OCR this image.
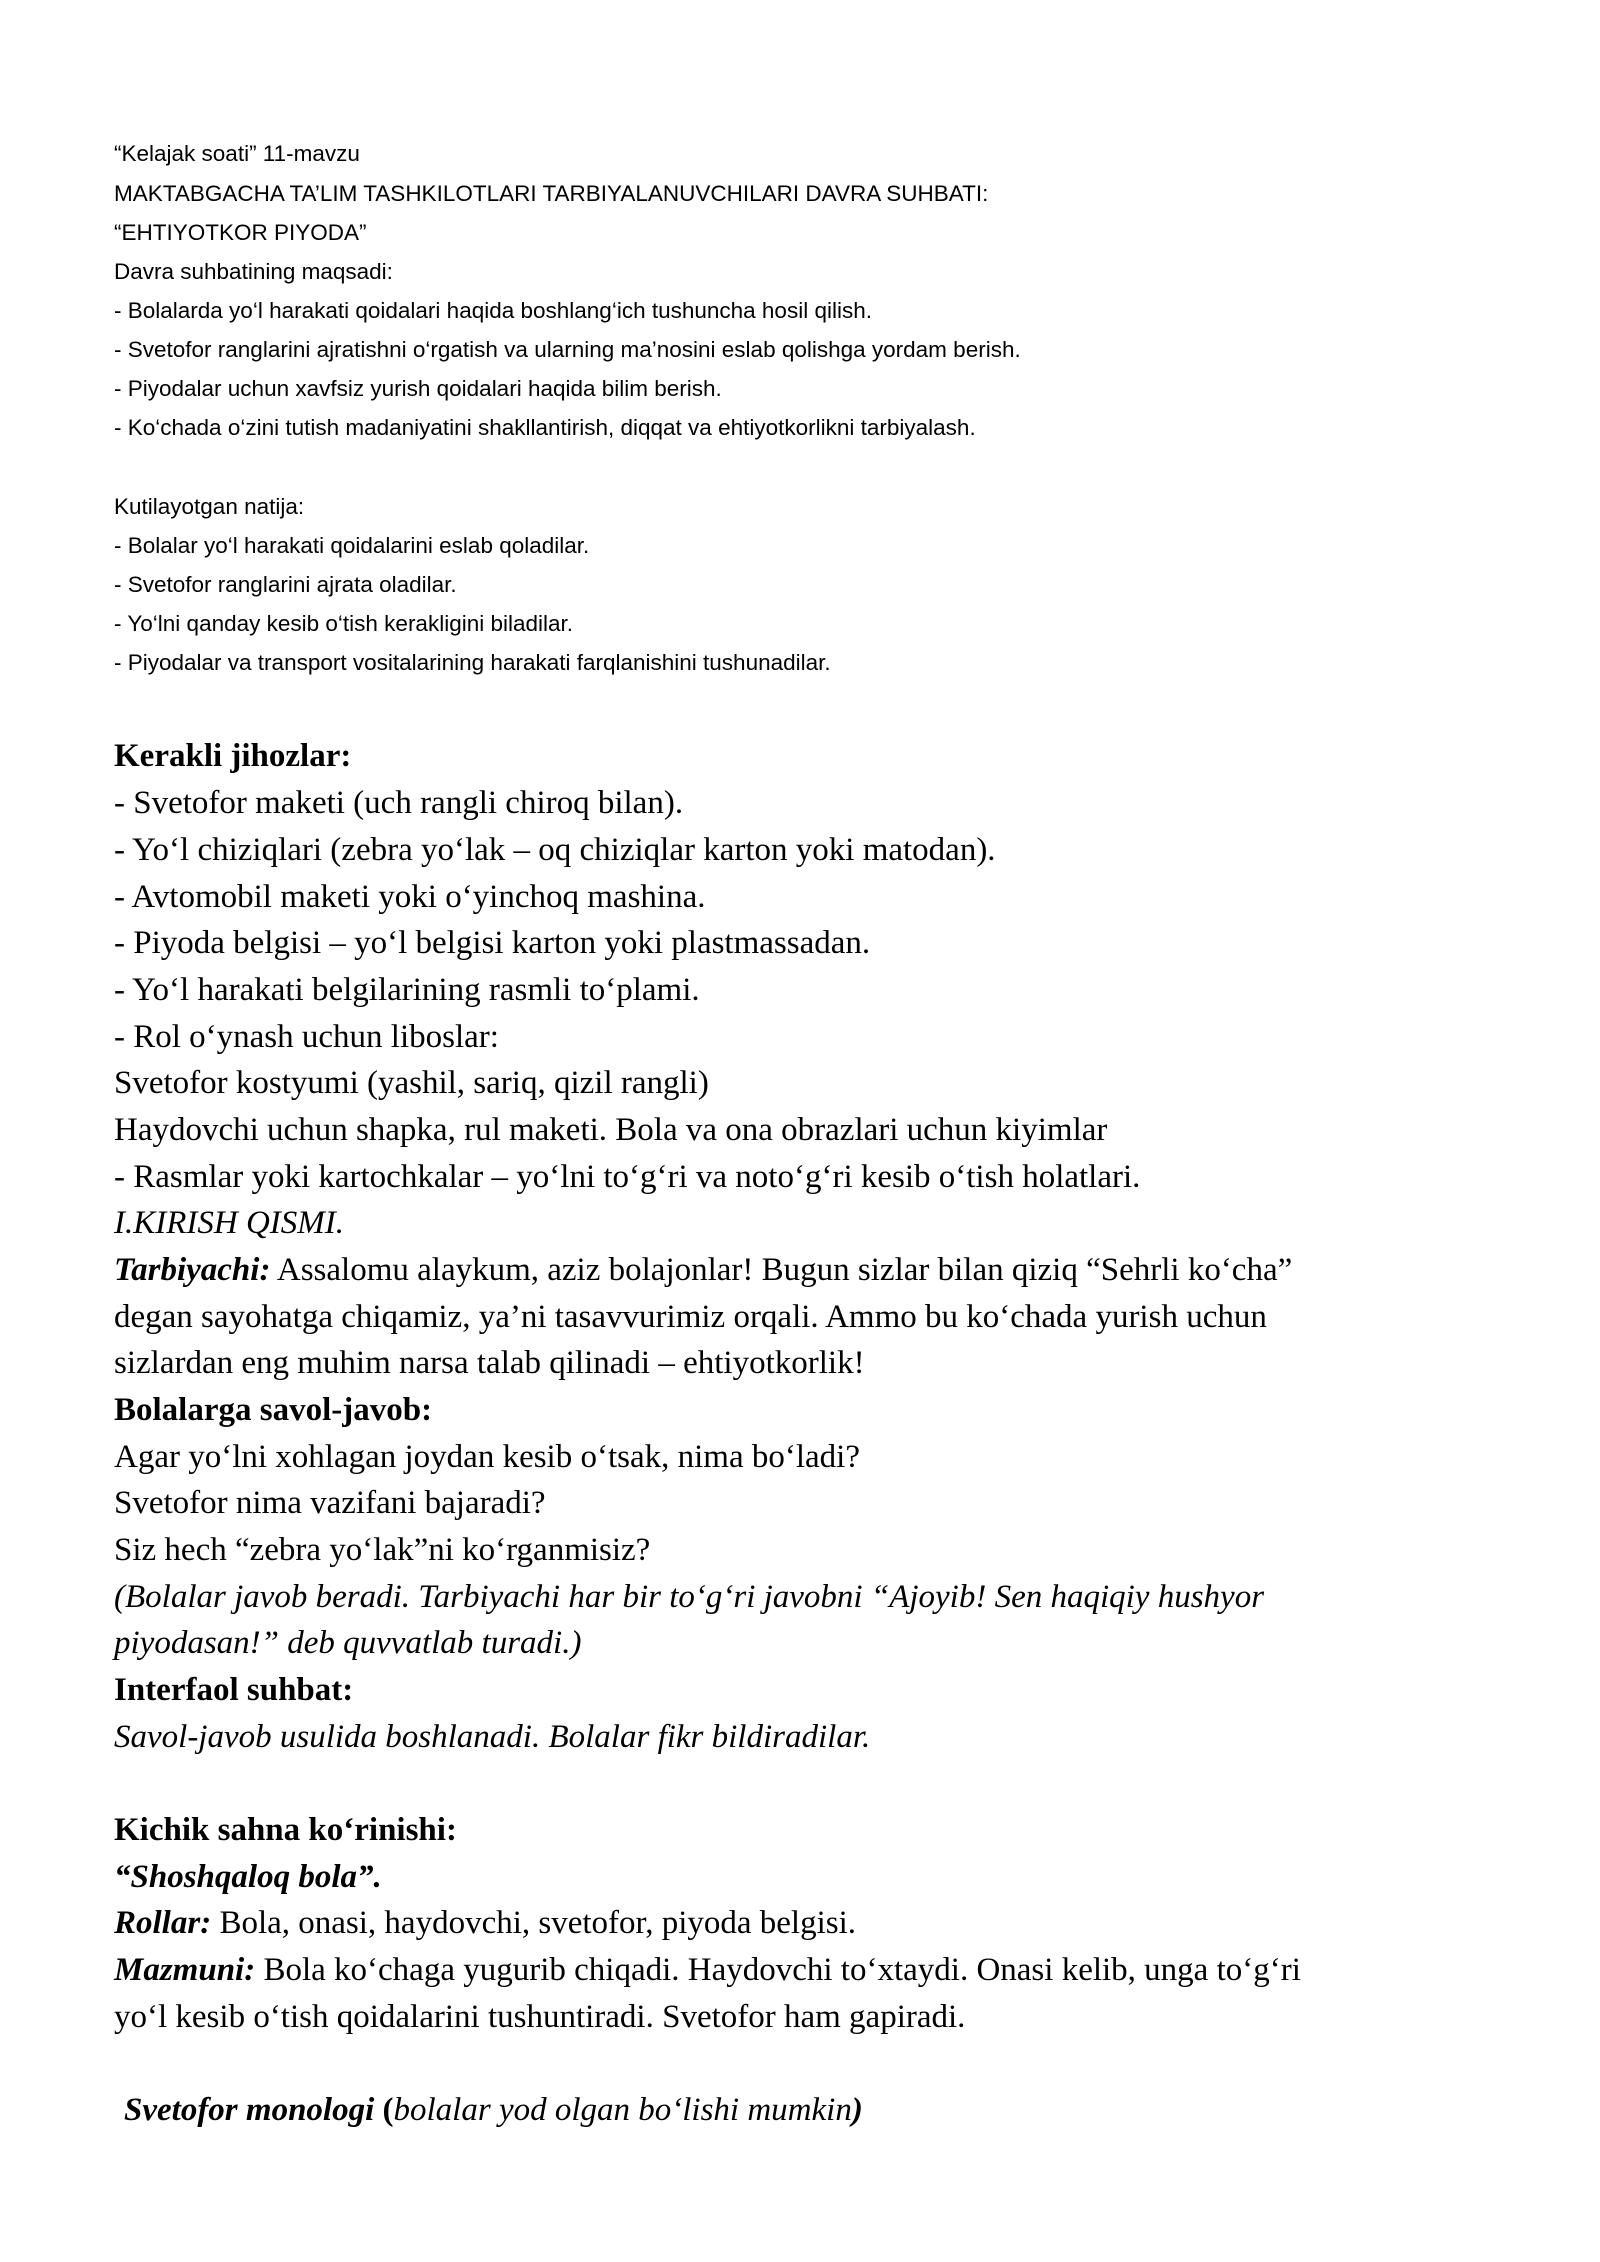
“Kelajak soati” 11-mavzu
MAKTABGACHA TA’LIM TASHKILOTLARI TARBIYALANUVCHILARI DAVRA SUHBATI:
“EHTIYOTKOR PIYODA”
Davra suhbatining maqsadi:
- Bolalarda yo‘l harakati qoidalari haqida boshlang‘ich tushuncha hosil qilish.
- Svetofor ranglarini ajratishni o‘rgatish va ularning ma’nosini eslab qolishga yordam berish.
- Piyodalar uchun xavfsiz yurish qoidalari haqida bilim berish.
- Ko‘chada o‘zini tutish madaniyatini shakllantirish, diqqat va ehtiyotkorlikni tarbiyalash.
Kutilayotgan natija:
- Bolalar yo‘l harakati qoidalarini eslab qoladilar.
- Svetofor ranglarini ajrata oladilar.
- Yo‘lni qanday kesib o‘tish kerakligini biladilar.
- Piyodalar va transport vositalarining harakati farqlanishini tushunadilar.
Kerakli jihozlar:
- Svetofor maketi (uch rangli chiroq bilan).
- Yo‘l chiziqlari (zebra yo‘lak – oq chiziqlar karton yoki matodan).
- Avtomobil maketi yoki o‘yinchoq mashina.
- Piyoda belgisi – yo‘l belgisi karton yoki plastmassadan.
- Yo‘l harakati belgilarining rasmli to‘plami.
- Rol o‘ynash uchun liboslar:
Svetofor kostyumi (yashil, sariq, qizil rangli)
Haydovchi uchun shapka, rul maketi. Bola va ona obrazlari uchun kiyimlar
- Rasmlar yoki kartochkalar – yo‘lni to‘g‘ri va noto‘g‘ri kesib o‘tish holatlari.
I.KIRISH QISMI.
Tarbiyachi: Assalomu alaykum, aziz bolajonlar! Bugun sizlar bilan qiziq “Sehrli ko‘cha”
degan sayohatga chiqamiz, ya’ni tasavvurimiz orqali. Ammo bu ko‘chada yurish uchun
sizlardan eng muhim narsa talab qilinadi – ehtiyotkorlik!
Bolalarga savol-javob:
Agar yo‘lni xohlagan joydan kesib o‘tsak, nima bo‘ladi?
Svetofor nima vazifani bajaradi?
Siz hech “zebra yo‘lak”ni ko‘rganmisiz?
(Bolalar javob beradi. Tarbiyachi har bir to‘g‘ri javobni “Ajoyib! Sen haqiqiy hushyor
piyodasan!” deb quvvatlab turadi.)
Interfaol suhbat:
Savol-javob usulida boshlanadi. Bolalar fikr bildiradilar.
Kichik sahna ko‘rinishi:
“Shoshqaloq bola”.
Rollar: Bola, onasi, haydovchi, svetofor, piyoda belgisi.
Mazmuni: Bola ko‘chaga yugurib chiqadi. Haydovchi to‘xtaydi. Onasi kelib, unga to‘g‘ri
yo‘l kesib o‘tish qoidalarini tushuntiradi. Svetofor ham gapiradi.
Svetofor monologi (bolalar yod olgan bo‘lishi mumkin)
